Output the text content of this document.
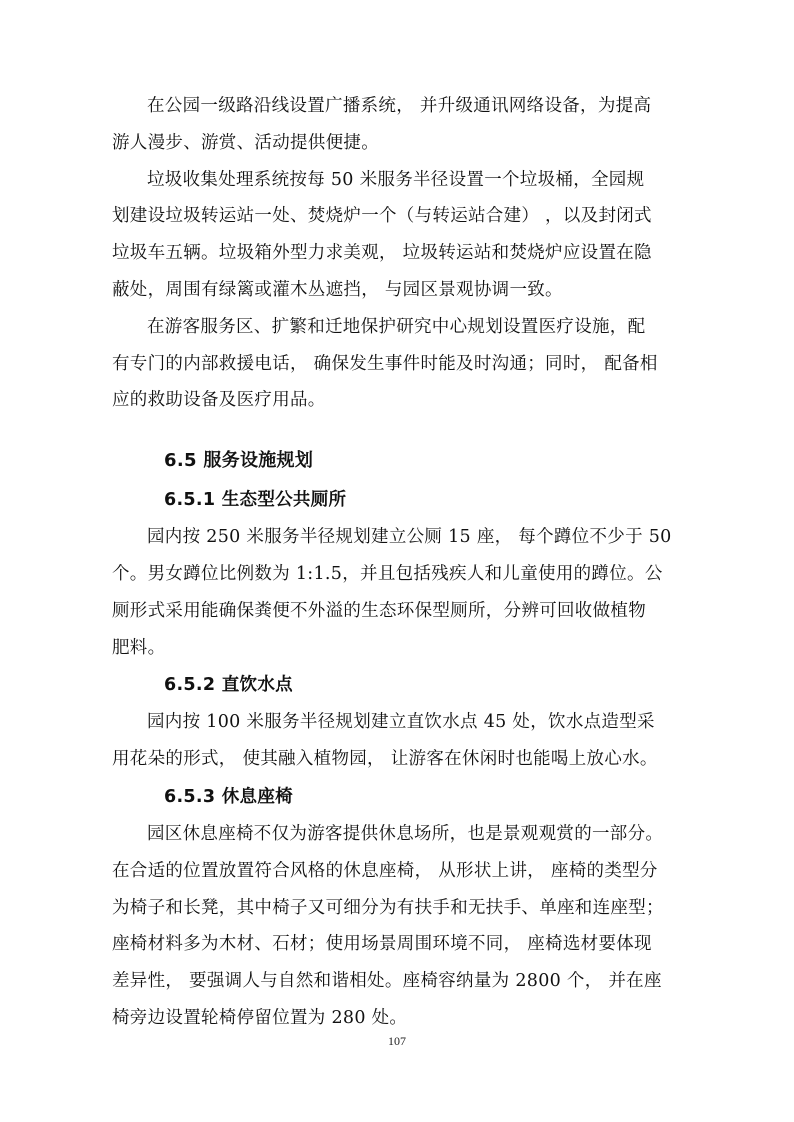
在公园一级路沿线设置广播系统， 并升级通讯网络设备，为提高

游人漫步、游赏、活动提供便捷。

垃圾收集处理系统按每 50 米服务半径设置一个垃圾桶，全园规

划建设垃圾转运站一处、焚烧炉一个（与转运站合建） ，以及封闭式

垃圾车五辆。垃圾箱外型力求美观， 垃圾转运站和焚烧炉应设置在隐

蔽处，周围有绿篱或灌木丛遮挡， 与园区景观协调一致。

在游客服务区、扩繁和迁地保护研究中心规划设置医疗设施，配

有专门的内部救援电话， 确保发生事件时能及时沟通；同时， 配备相

应的救助设备及医疗用品。

6.5 服务设施规划
6.5.1 生态型公共厕所

园内按 250 米服务半径规划建立公厕 15 座， 每个蹲位不少于 50

个。男女蹲位比例数为 1:1.5，并且包括残疾人和儿童使用的蹲位。公

厕形式采用能确保粪便不外溢的生态环保型厕所，分辨可回收做植物

肥料。

6.5.2 直饮水点

园内按 100 米服务半径规划建立直饮水点 45 处，饮水点造型采

用花朵的形式， 使其融入植物园， 让游客在休闲时也能喝上放心水。

6.5.3 休息座椅

园区休息座椅不仅为游客提供休息场所，也是景观观赏的一部分。

在合适的位置放置符合风格的休息座椅， 从形状上讲， 座椅的类型分

为椅子和长凳，其中椅子又可细分为有扶手和无扶手、单座和连座型；

座椅材料多为木材、石材；使用场景周围环境不同， 座椅选材要体现

差异性， 要强调人与自然和谐相处。座椅容纳量为 2800 个， 并在座

椅旁边设置轮椅停留位置为 280 处。

107
